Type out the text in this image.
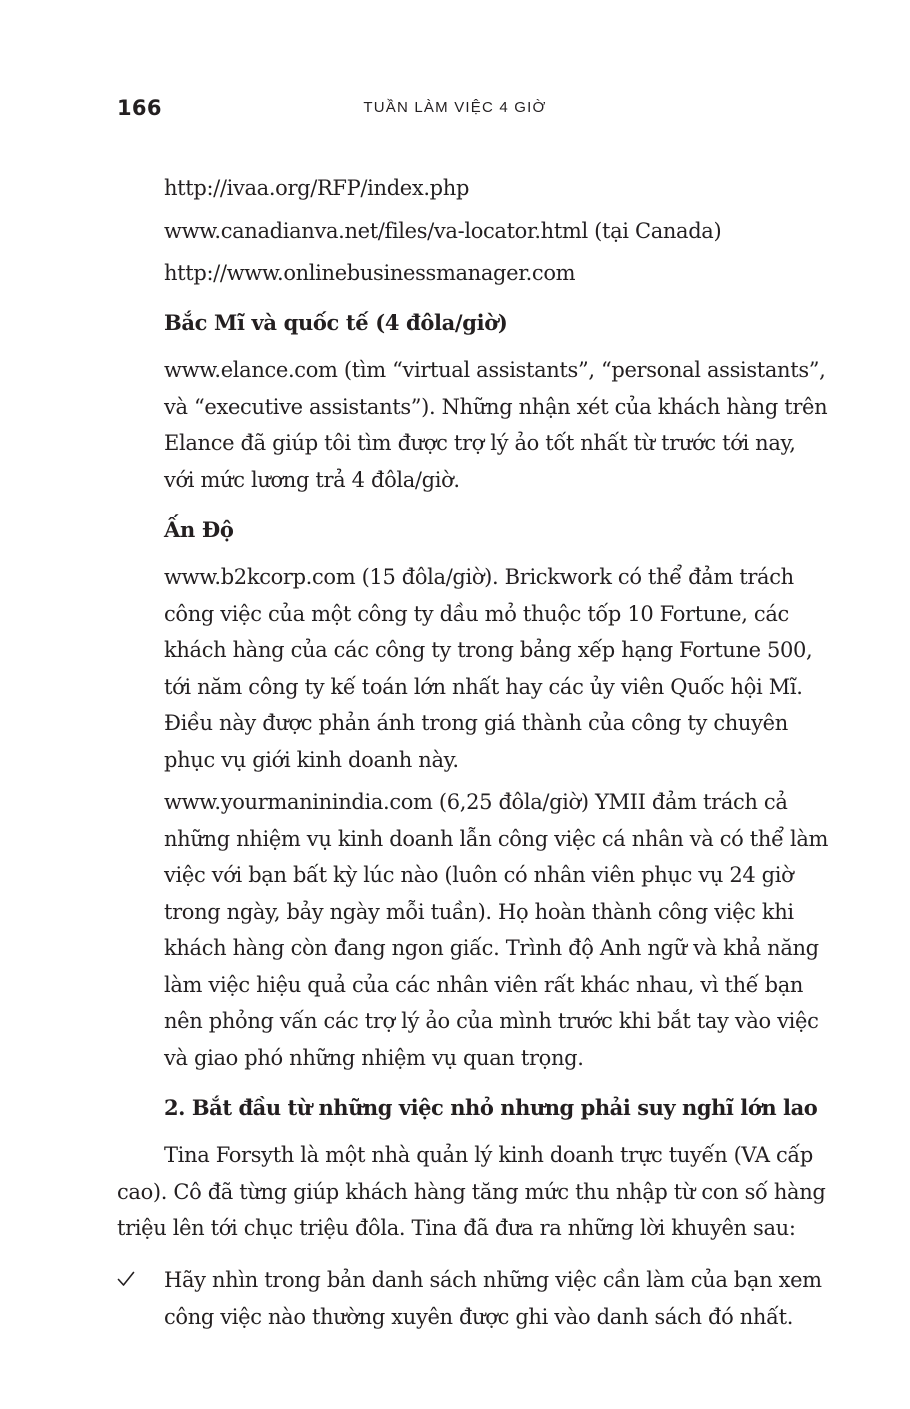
166	TUẦN LÀM VIỆC 4 GIỜ
http://ivaa.org/RFP/index.php
www.canadianva.net/files/va-locator.html (tại Canada)
http://www.onlinebusinessmanager.com
Bắc Mĩ và quốc tế (4 đôla/giờ)
www.elance.com (tìm “virtual assistants”, “personal assistants”,
và “executive assistants”). Những nhận xét của khách hàng trên
Elance đã giúp tôi tìm được trợ lý ảo tốt nhất từ trước tới nay,
với mức lương trả 4 đôla/giờ.
Ấn Độ
www.b2kcorp.com (15 đôla/giờ). Brickwork có thể đảm trách
công việc của một công ty dầu mỏ thuộc tốp 10 Fortune, các
khách hàng của các công ty trong bảng xếp hạng Fortune 500,
tới năm công ty kế toán lớn nhất hay các ủy viên Quốc hội Mĩ.
Điều này được phản ánh trong giá thành của công ty chuyên
phục vụ giới kinh doanh này.
www.yourmaninindia.com (6,25 đôla/giờ) YMII đảm trách cả
những nhiệm vụ kinh doanh lẫn công việc cá nhân và có thể làm
việc với bạn bất kỳ lúc nào (luôn có nhân viên phục vụ 24 giờ
trong ngày, bảy ngày mỗi tuần). Họ hoàn thành công việc khi
khách hàng còn đang ngon giấc. Trình độ Anh ngữ và khả năng
làm việc hiệu quả của các nhân viên rất khác nhau, vì thế bạn
nên phỏng vấn các trợ lý ảo của mình trước khi bắt tay vào việc
và giao phó những nhiệm vụ quan trọng.
2. Bắt đầu từ những việc nhỏ nhưng phải suy nghĩ lớn lao
Tina Forsyth là một nhà quản lý kinh doanh trực tuyến (VA cấp
cao). Cô đã từng giúp khách hàng tăng mức thu nhập từ con số hàng
triệu lên tới chục triệu đôla. Tina đã đưa ra những lời khuyên sau:
Hãy nhìn trong bản danh sách những việc cần làm của bạn xem
công việc nào thường xuyên được ghi vào danh sách đó nhất.
